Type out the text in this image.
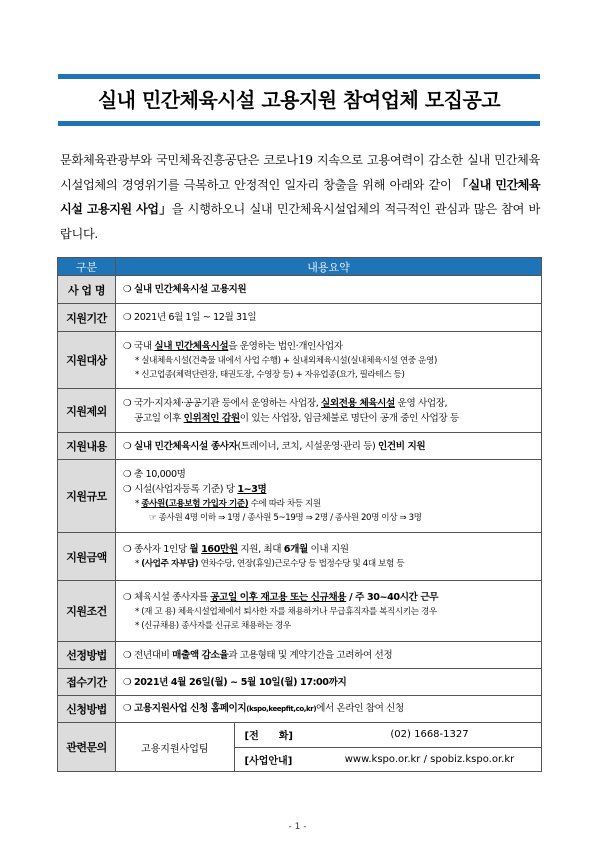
실내 민간체육시설 고용지원 참여업체 모집공고
문화체육관광부와 국민체육진흥공단은 코로나19 지속으로 고용여력이 감소한 실내 민간체육시설업체의 경영위기를 극복하고 안정적인 일자리 창출을 위해 아래와 같이 「실내 민간체육시설 고용지원 사업」을 시행하오니 실내 민간체육시설업체의 적극적인 관심과 많은 참여 바랍니다.
구분	내용요약
사 업 명	❍ 실내 민간체육시설 고용지원

지원기간	❍ 2021년 6월 1일 ~ 12월 31일

지원대상	
❍ 국내 실내 민간체육시설을 운영하는 법인·개인사업자
* 실내체육시설(건축물 내에서 사업 수행) + 실내외체육시설(실내체육시설 연중 운영)
* 신고업종(체력단련장, 태권도장, 수영장 등) + 자유업종(요가, 필라테스 등)

지원제외	
❍ 국가·지자체·공공기관 등에서 운영하는 사업장, 실외전용 체육시설 운영 사업장,
공고일 이후 인위적인 감원이 있는 사업장, 임금체불로 명단이 공개 중인 사업장 등

지원내용	❍ 실내 민간체육시설 종사자(트레이너, 코치, 시설운영·관리 등) 인건비 지원

지원규모	
❍ 총 10,000명
❍ 시설(사업자등록 기준) 당 1~3명
* 종사원(고용보험 가입자 기준) 수에 따라 차등 지원
☞ 종사원 4명 이하 ⇒ 1명 / 종사원 5~19명 ⇒ 2명 / 종사원 20명 이상 ⇒ 3명

지원금액	
❍ 종사자 1인당 월 160만원 지원, 최대 6개월 이내 지원
* (사업주 자부담) 연차수당, 연장(휴일)근로수당 등 법정수당 및 4대 보험 등

지원조건	
❍ 체육시설 종사자를 공고일 이후 재고용 또는 신규채용 / 주 30~40시간 근무
* (재 고 용) 체육시설업체에서 퇴사한 자를 채용하거나 무급휴직자를 복직시키는 경우
* (신규채용) 종사자를 신규로 채용하는 경우

선정방법	❍ 전년대비 매출액 감소율과 고용형태 및 계약기간을 고려하여 선정

접수기간	❍ 2021년 4월 26일(월) ~ 5월 10일(월) 17:00까지

신청방법	❍ 고용지원사업 신청 홈페이지(kspo,keepfit,co,kr)에서 온라인 참여 신청

관련문의		고용지원사업팀	[전　　화]	(02) 1668-1327
[사업안내]	www.kspo.or.kr / spobiz.kspo.or.kr
- 1 -
